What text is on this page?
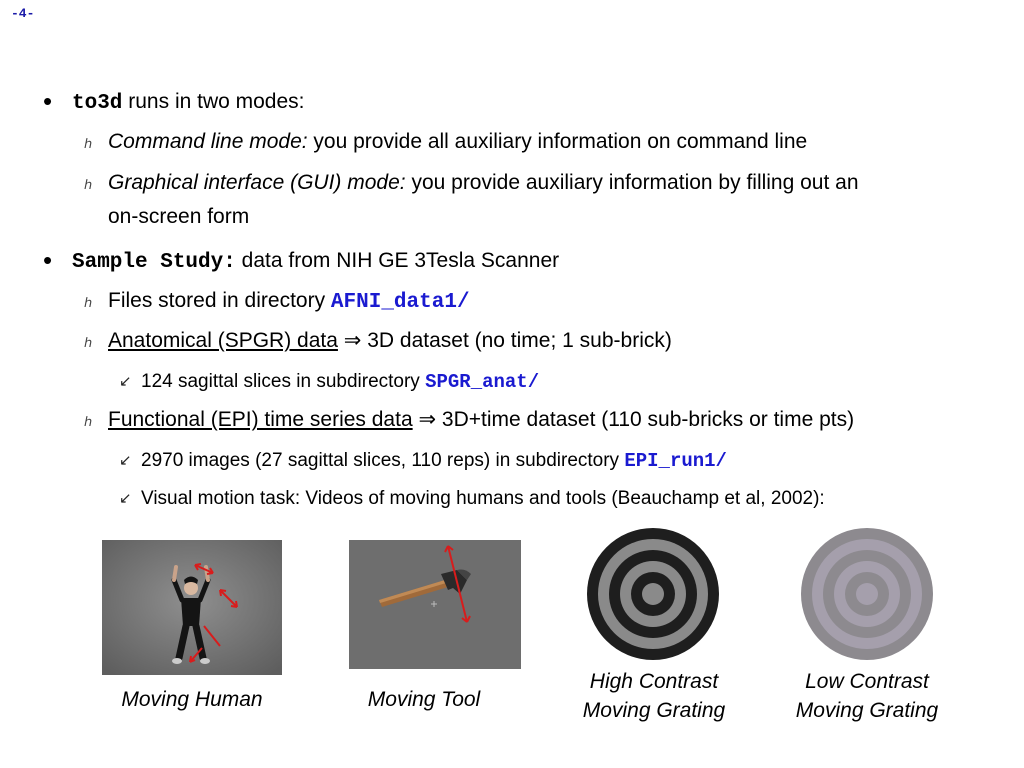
-4-
• to3d runs in two modes:
ℎ Command line mode: you provide all auxiliary information on command line
ℎ Graphical interface (GUI) mode: you provide auxiliary information by filling out an
on-screen form
• Sample Study: data from NIH GE 3Tesla Scanner
ℎ Files stored in directory AFNI_data1/
ℎ Anatomical (SPGR) data ⇒ 3D dataset (no time; 1 sub-brick)
↙ 124 sagittal slices in subdirectory SPGR_anat/
ℎ Functional (EPI) time series data ⇒ 3D+time dataset (110 sub-bricks or time pts)
↙ 2970 images (27 sagittal slices, 110 reps) in subdirectory EPI_run1/
↙ Visual motion task: Videos of moving humans and tools (Beauchamp et al, 2002):
Moving Human	Moving Tool
High Contrast
Moving Grating
Low Contrast
Moving Grating
